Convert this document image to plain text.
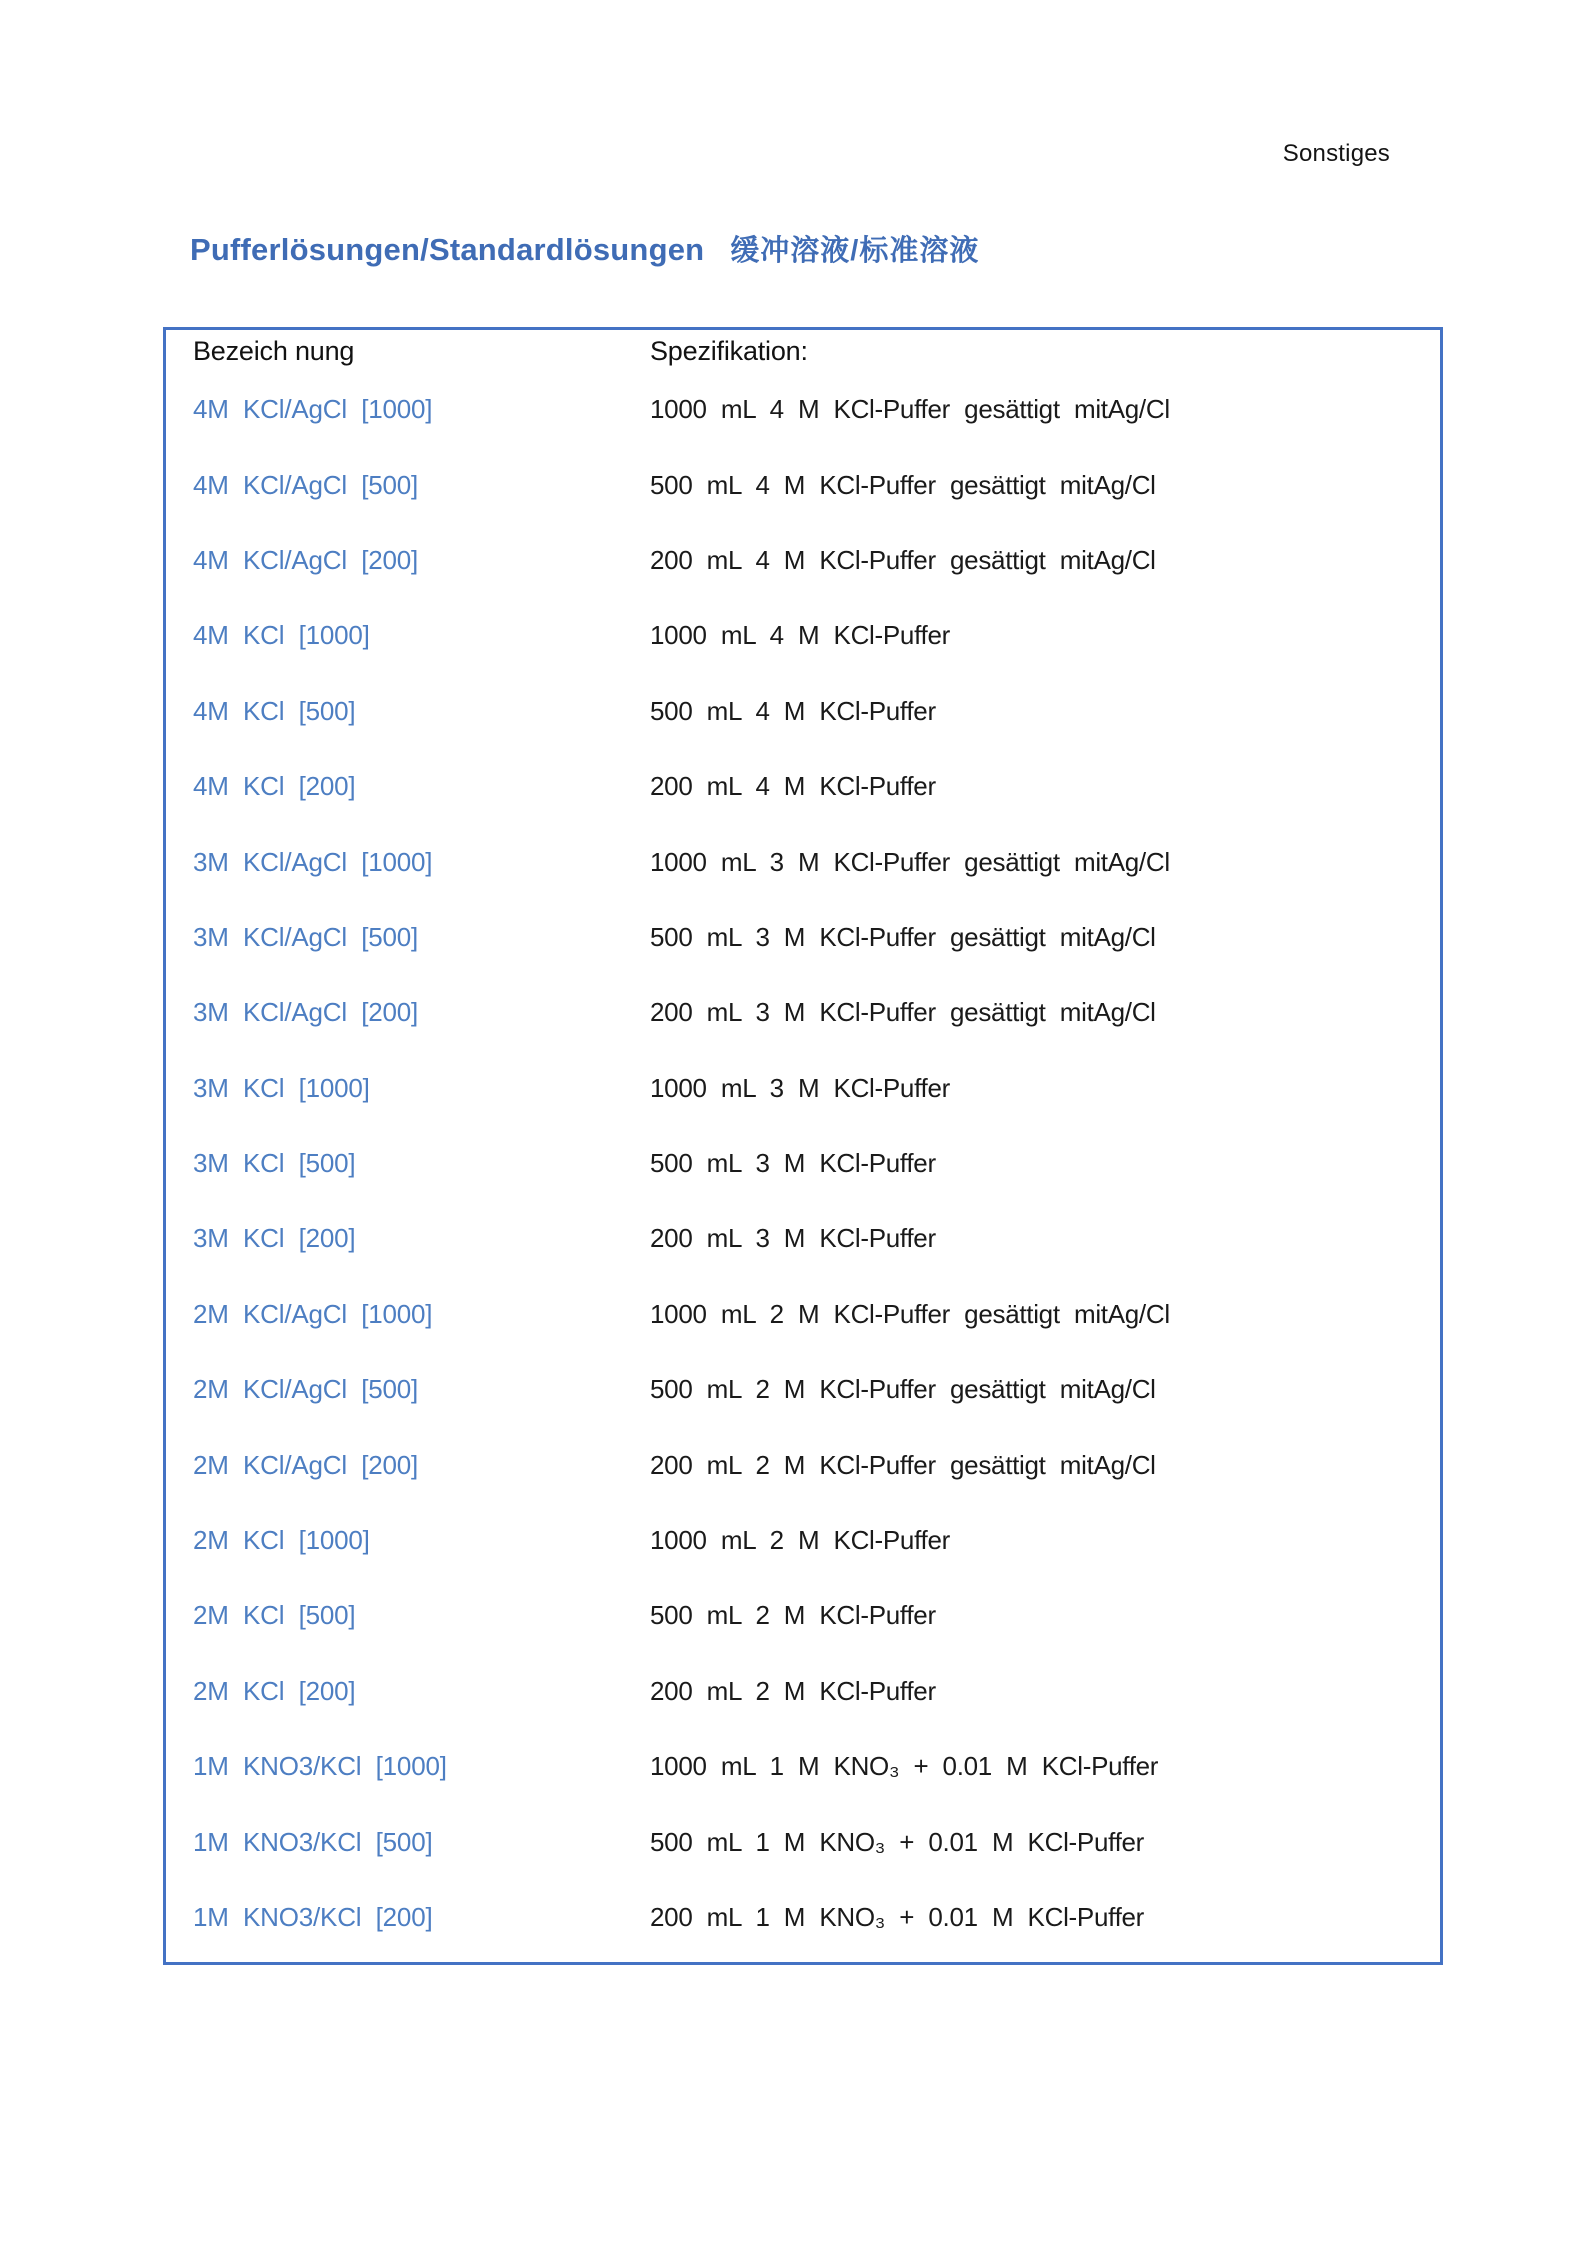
Sonstiges
Pufferlösungen/Standardlösungen 缓冲溶液/标准溶液
Bezeich nung	Spezifikation:
4M KCl/AgCl [1000]	1000 mL 4 M KCl-Puffer gesättigt mitAg/Cl
4M KCl/AgCl [500]	500 mL 4 M KCl-Puffer gesättigt mitAg/Cl
4M KCl/AgCl [200]	200 mL 4 M KCl-Puffer gesättigt mitAg/Cl
4M KCl [1000]	1000 mL 4 M KCl-Puffer
4M KCl [500]	500 mL 4 M KCl-Puffer
4M KCl [200]	200 mL 4 M KCl-Puffer
3M KCl/AgCl [1000]	1000 mL 3 M KCl-Puffer gesättigt mitAg/Cl
3M KCl/AgCl [500]	500 mL 3 M KCl-Puffer gesättigt mitAg/Cl
3M KCl/AgCl [200]	200 mL 3 M KCl-Puffer gesättigt mitAg/Cl
3M KCl [1000]	1000 mL 3 M KCl-Puffer
3M KCl [500]	500 mL 3 M KCl-Puffer
3M KCl [200]	200 mL 3 M KCl-Puffer
2M KCl/AgCl [1000]	1000 mL 2 M KCl-Puffer gesättigt mitAg/Cl
2M KCl/AgCl [500]	500 mL 2 M KCl-Puffer gesättigt mitAg/Cl
2M KCl/AgCl [200]	200 mL 2 M KCl-Puffer gesättigt mitAg/Cl
2M KCl [1000]	1000 mL 2 M KCl-Puffer
2M KCl [500]	500 mL 2 M KCl-Puffer
2M KCl [200]	200 mL 2 M KCl-Puffer
1M KNO3/KCl [1000]	1000 mL 1 M KNO₃ + 0.01 M KCl-Puffer
1M KNO3/KCl [500]	500 mL 1 M KNO₃ + 0.01 M KCl-Puffer
1M KNO3/KCl [200]	200 mL 1 M KNO₃ + 0.01 M KCl-Puffer
